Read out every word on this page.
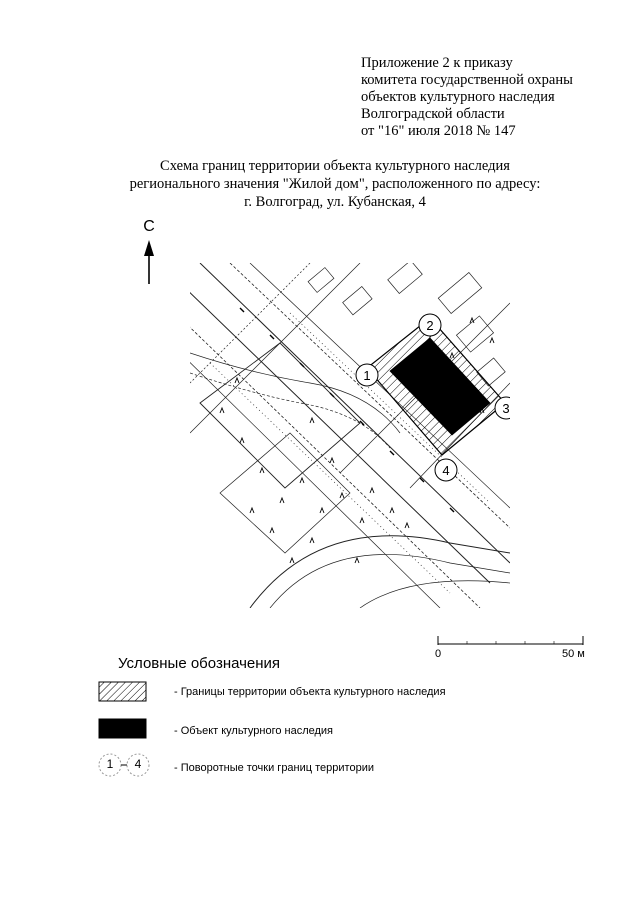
Приложение 2 к приказу
комитета государственной охраны
объектов культурного наследия
Волгоградской области
от "16" июля 2018 № 147
Схема границ территории объекта культурного наследия
регионального значения "Жилой дом", расположенного по адресу:
г. Волгоград, ул. Кубанская, 4
С
1
2
3
4
0	50 м
Условные обозначения
- Границы территории объекта культурного наследия
- Объект культурного наследия
1	4	- Поворотные точки границ территории
